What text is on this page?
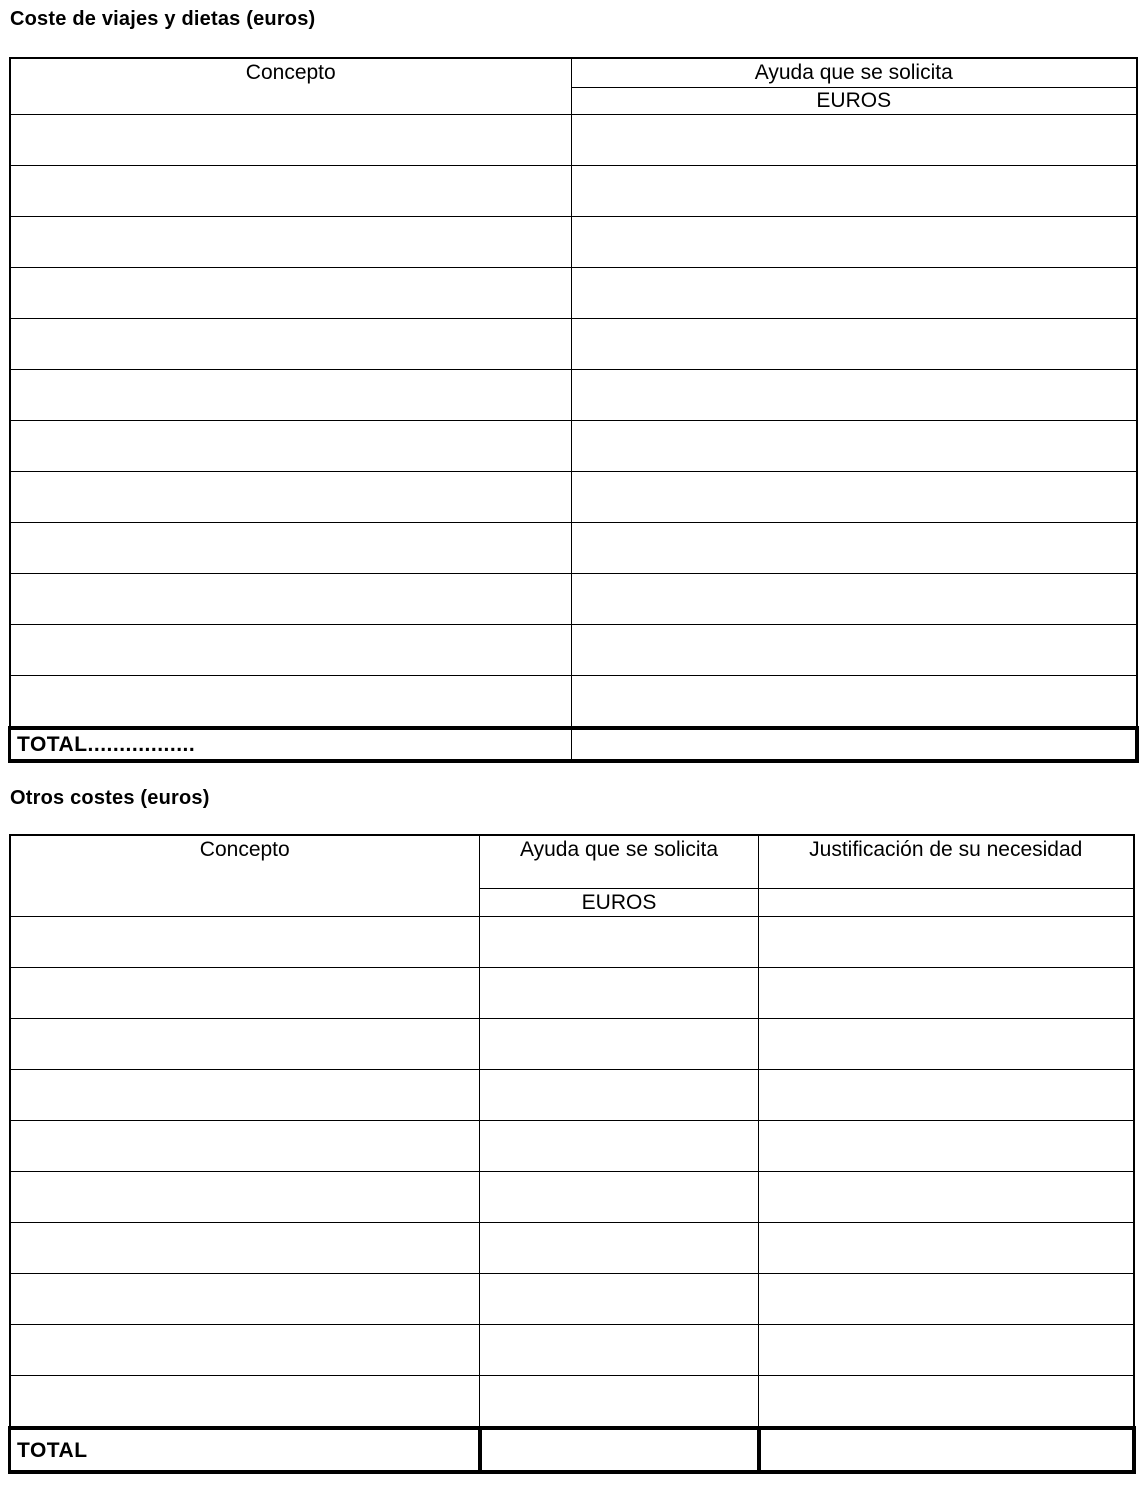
Coste de viajes y dietas (euros)
Concepto	Ayuda que se solicita
	EUROS

TOTAL.................	
Otros costes (euros)
Concepto	Ayuda que se solicita	Justificación de su necesidad
	EUROS	

TOTAL		
